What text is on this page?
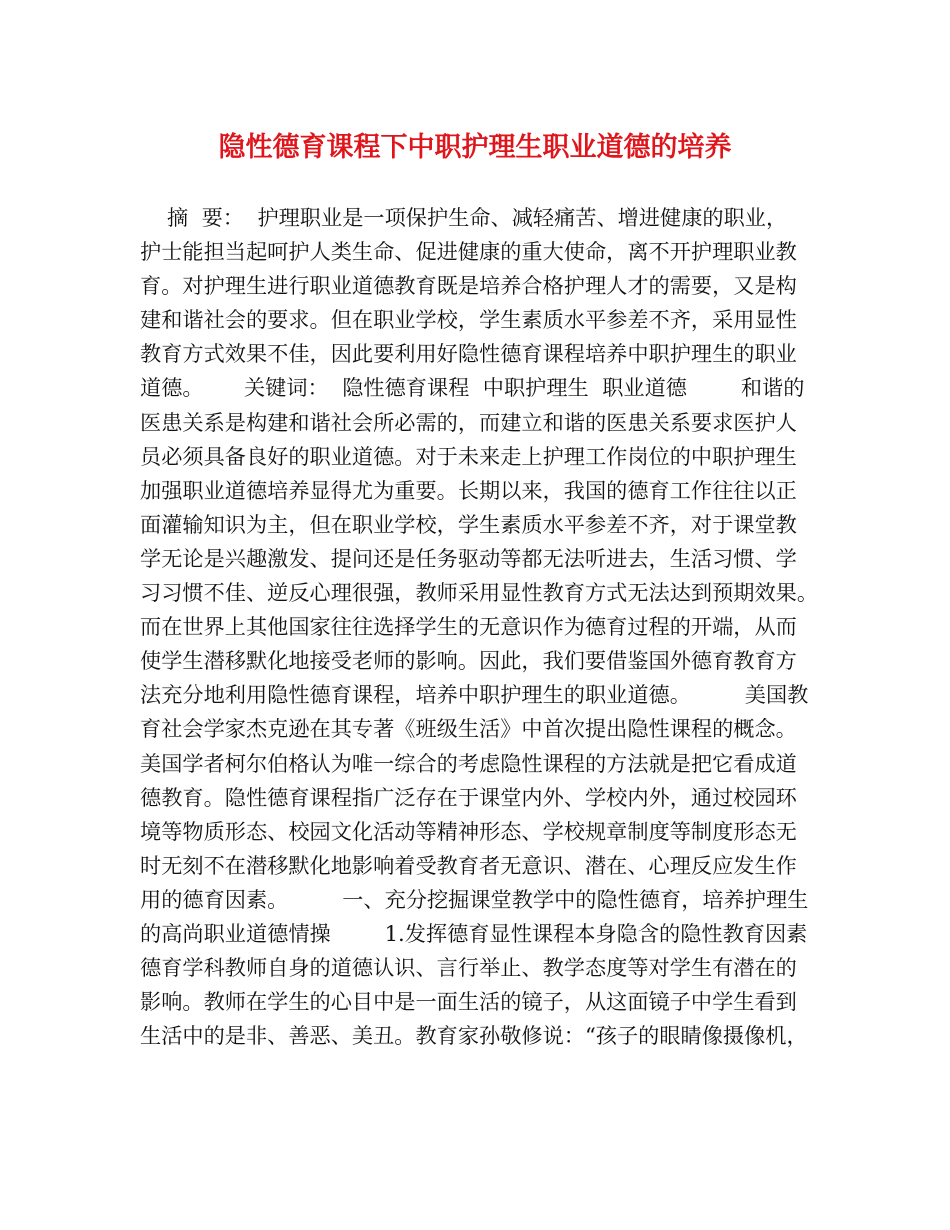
隐性德育课程下中职护理生职业道德的培养
摘  要：  护理职业是一项保护生命、减轻痛苦、增进健康的职业，
护士能担当起呵护人类生命、促进健康的重大使命，离不开护理职业教
育。对护理生进行职业道德教育既是培养合格护理人才的需要，又是构
建和谐社会的要求。但在职业学校，学生素质水平参差不齐，采用显性
教育方式效果不佳，因此要利用好隐性德育课程培养中职护理生的职业
道德。      关键词：  隐性德育课程  中职护理生  职业道德        和谐的
医患关系是构建和谐社会所必需的，而建立和谐的医患关系要求医护人
员必须具备良好的职业道德。对于未来走上护理工作岗位的中职护理生
加强职业道德培养显得尤为重要。长期以来，我国的德育工作往往以正
面灌输知识为主，但在职业学校，学生素质水平参差不齐，对于课堂教
学无论是兴趣激发、提问还是任务驱动等都无法听进去，生活习惯、学
习习惯不佳、逆反心理很强，教师采用显性教育方式无法达到预期效果。
而在世界上其他国家往往选择学生的无意识作为德育过程的开端，从而
使学生潜移默化地接受老师的影响。因此，我们要借鉴国外德育教育方
法充分地利用隐性德育课程，培养中职护理生的职业道德。        美国教
育社会学家杰克逊在其专著《班级生活》中首次提出隐性课程的概念。
美国学者柯尔伯格认为唯一综合的考虑隐性课程的方法就是把它看成道
德教育。隐性德育课程指广泛存在于课堂内外、学校内外，通过校园环
境等物质形态、校园文化活动等精神形态、学校规章制度等制度形态无
时无刻不在潜移默化地影响着受教育者无意识、潜在、心理反应发生作
用的德育因素。        一、充分挖掘课堂教学中的隐性德育，培养护理生
的高尚职业道德情操        1.发挥德育显性课程本身隐含的隐性教育因素
德育学科教师自身的道德认识、言行举止、教学态度等对学生有潜在的
影响。教师在学生的心目中是一面生活的镜子，从这面镜子中学生看到
生活中的是非、善恶、美丑。教育家孙敬修说：“孩子的眼睛像摄像机，
